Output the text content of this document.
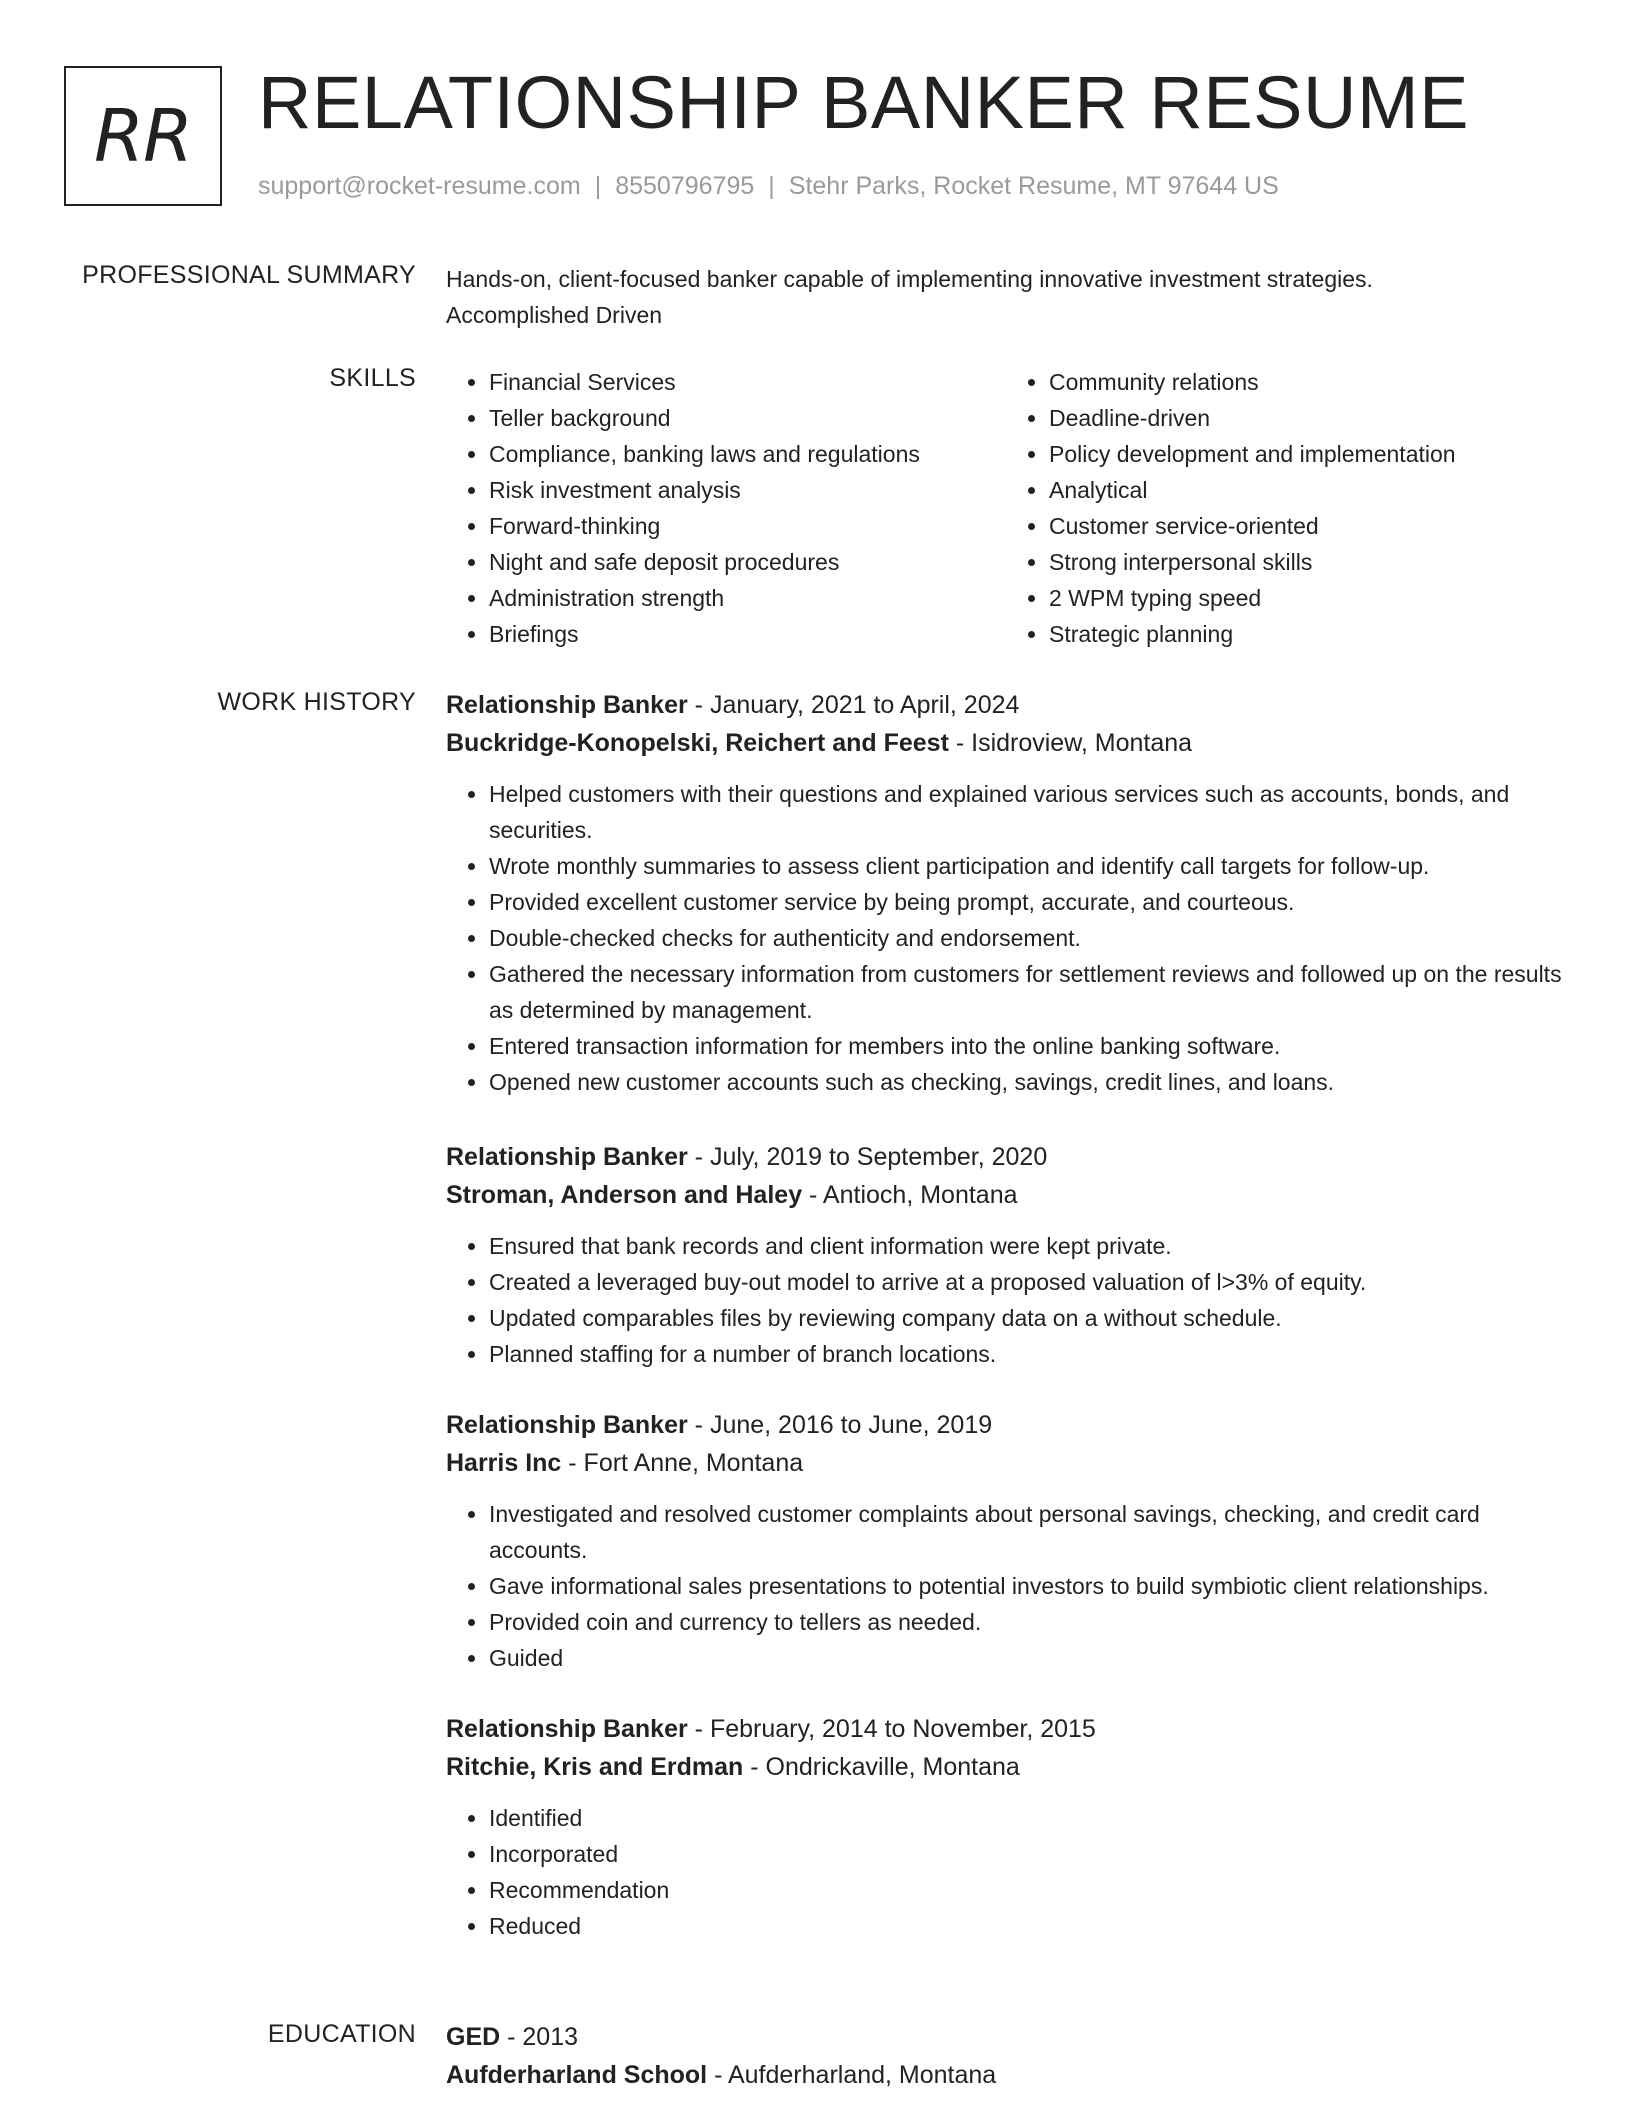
RR RELATIONSHIP BANKER RESUME
support@rocket-resume.com | 8550796795 | Stehr Parks, Rocket Resume, MT 97644 US
PROFESSIONAL SUMMARY Hands-on, client-focused banker capable of implementing innovative investment strategies.
Accomplished Driven
SKILLS
•	Financial Services
• Teller background
• Compliance, banking laws and regulations
• Risk investment analysis
• Forward-thinking
• Night and safe deposit procedures
• Administration strength
• Briefings
• Community relations
• Deadline-driven
• Policy development and implementation
• Analytical
• Customer service-oriented
• Strong interpersonal skills
• 2 WPM typing speed
• Strategic planning
WORK HISTORY Relationship Banker - January, 2021 to April, 2024
Buckridge-Konopelski, Reichert and Feest - Isidroview, Montana
• Helped customers with their questions and explained various services such as accounts, bonds, and securities.
• Wrote monthly summaries to assess client participation and identify call targets for follow-up.
• Provided excellent customer service by being prompt, accurate, and courteous.
• Double-checked checks for authenticity and endorsement.
• Gathered the necessary information from customers for settlement reviews and followed up on the results as determined by management.
• Entered transaction information for members into the online banking software.
• Opened new customer accounts such as checking, savings, credit lines, and loans.
Relationship Banker - July, 2019 to September, 2020
Stroman, Anderson and Haley - Antioch, Montana
• Ensured that bank records and client information were kept private.
• Created a leveraged buy-out model to arrive at a proposed valuation of l>3% of equity.
• Updated comparables files by reviewing company data on a without schedule.
• Planned staffing for a number of branch locations.
Relationship Banker - June, 2016 to June, 2019
Harris Inc - Fort Anne, Montana
• Investigated and resolved customer complaints about personal savings, checking, and credit card accounts.
• Gave informational sales presentations to potential investors to build symbiotic client relationships.
• Provided coin and currency to tellers as needed.
• Guided
Relationship Banker - February, 2014 to November, 2015
Ritchie, Kris and Erdman - Ondrickaville, Montana
• Identified
• Incorporated
• Recommendation
• Reduced
EDUCATION GED - 2013
Aufderharland School - Aufderharland, Montana
